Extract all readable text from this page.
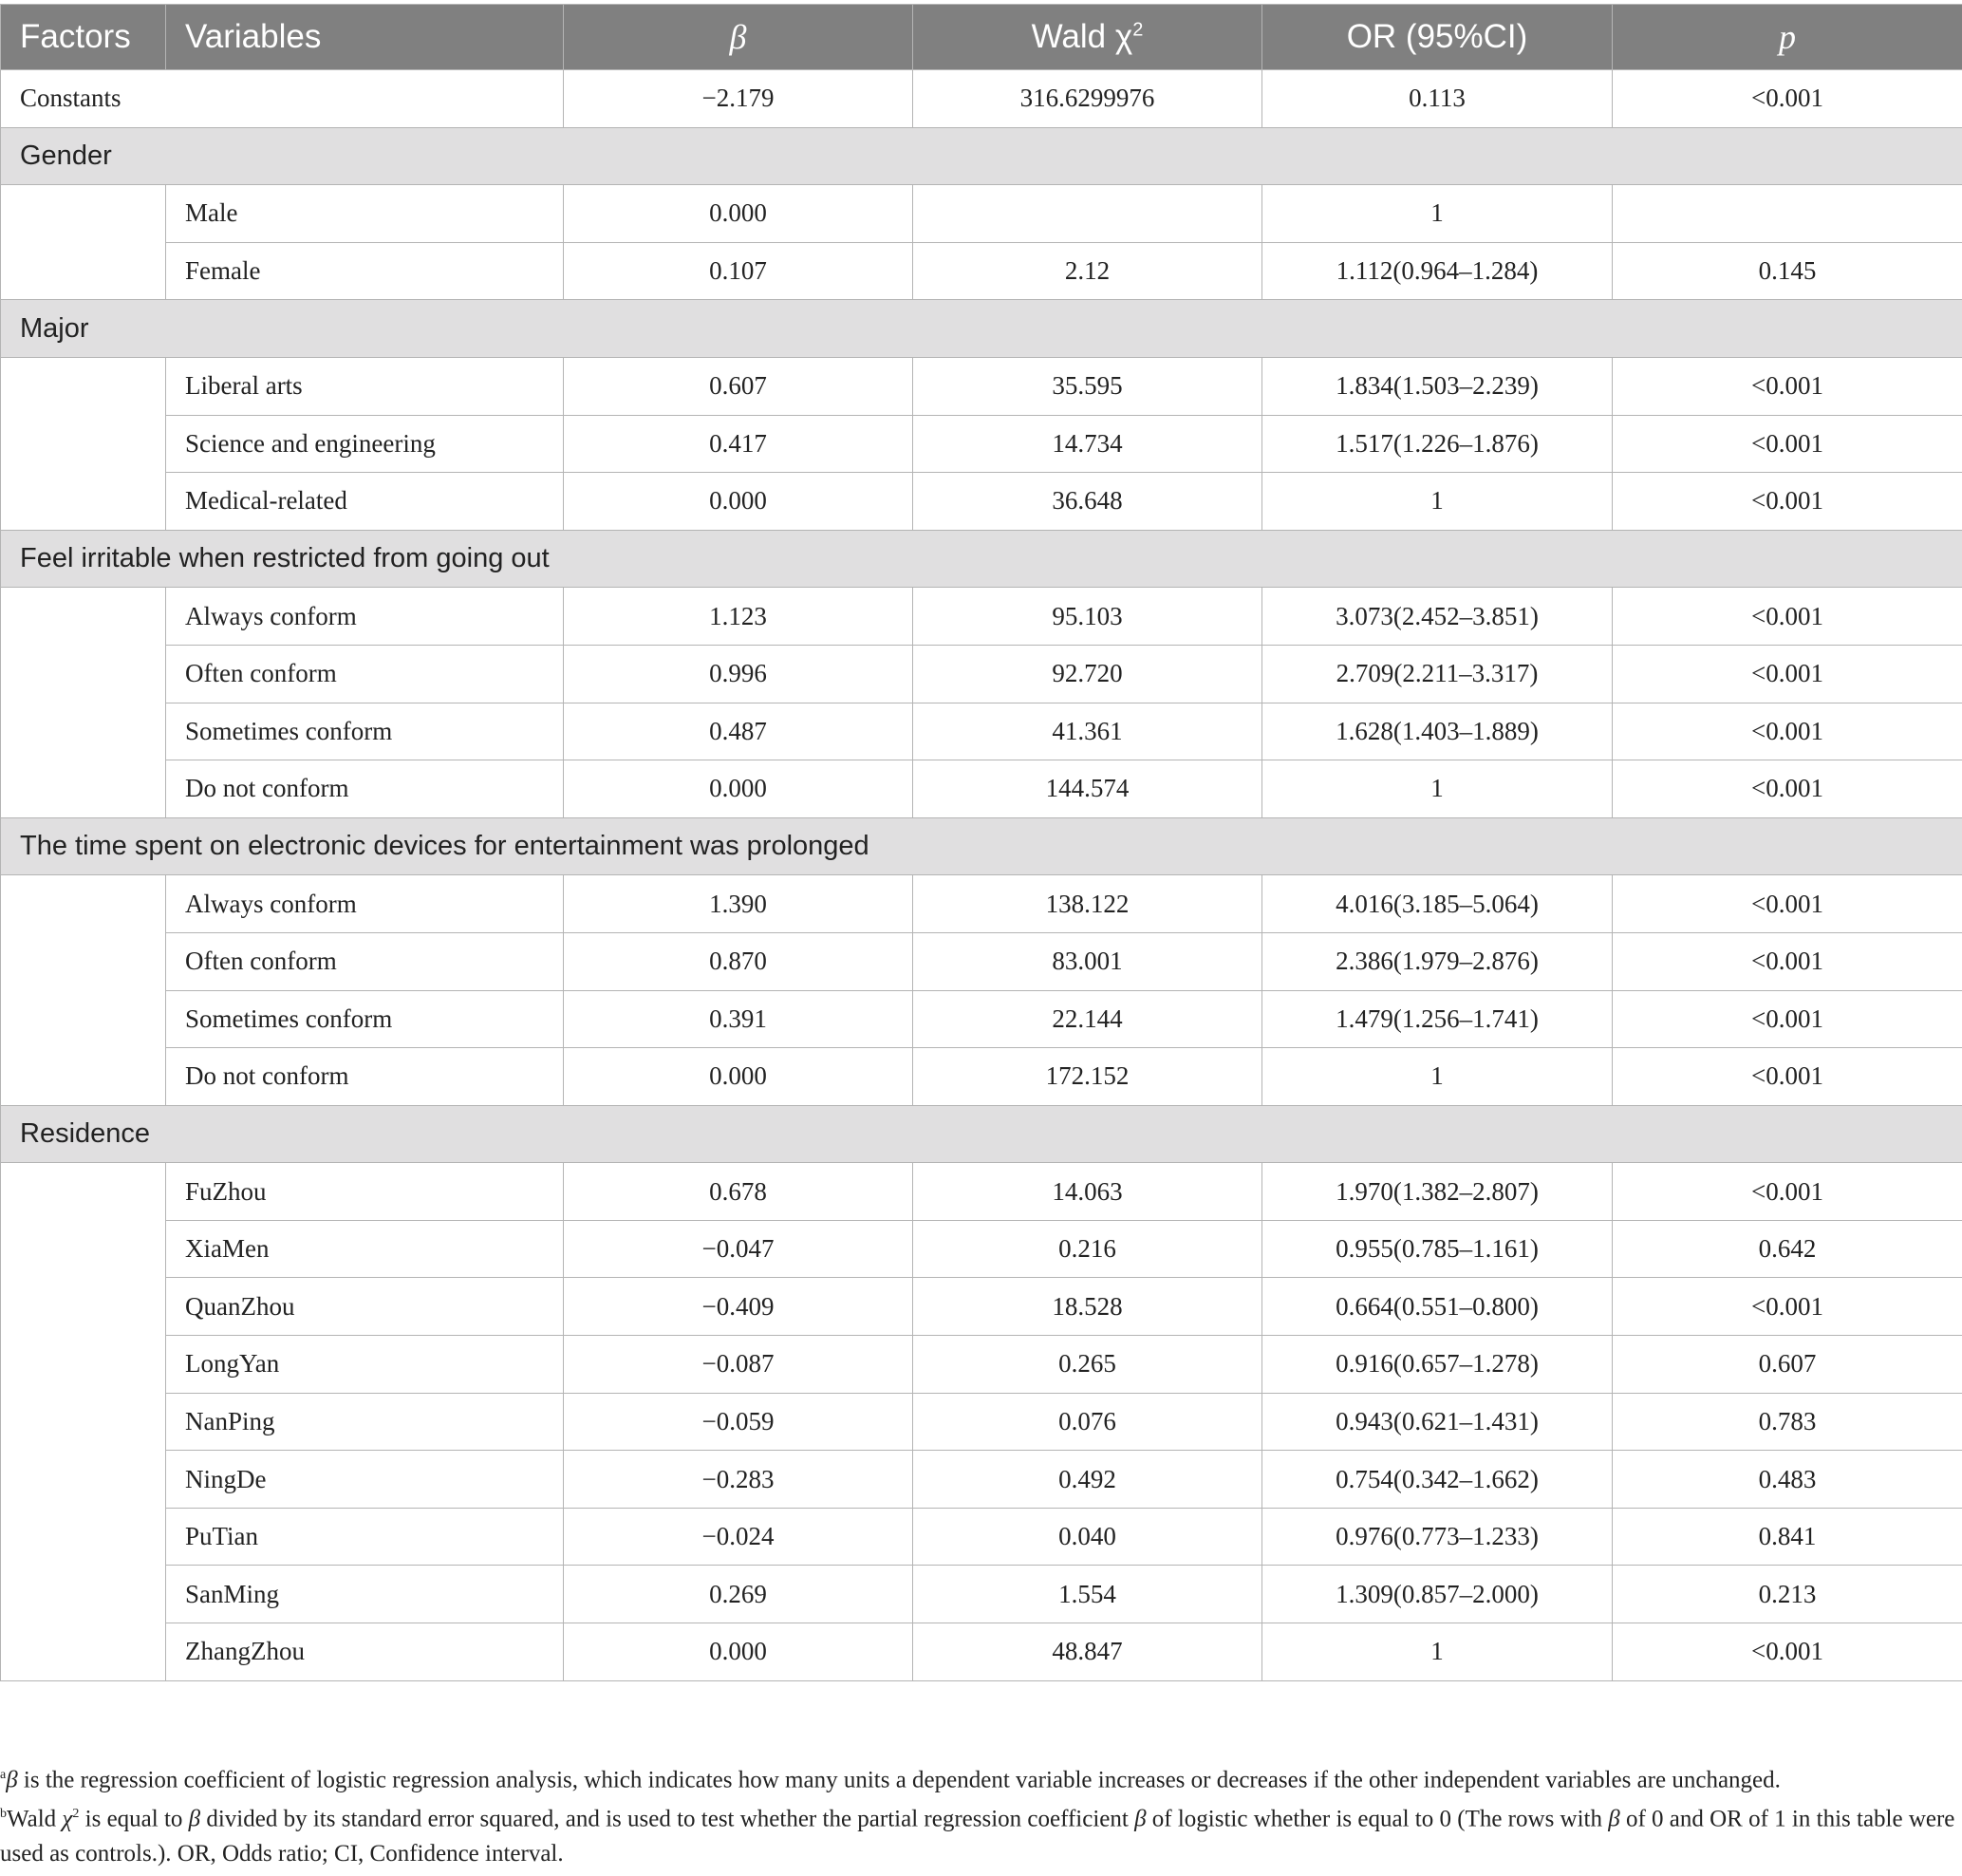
Factors	Variables	β	Wald $\chi^2$	OR (95%CI)	p
Constants		−2.179	316.6299976	0.113	<0.001
Gender					
	Male	0.000		1	
	Female	0.107	2.12	1.112(0.964–1.284)	0.145
Major					
	Liberal arts	0.607	35.595	1.834(1.503–2.239)	<0.001
	Science and engineering	0.417	14.734	1.517(1.226–1.876)	<0.001
	Medical-related	0.000	36.648	1	<0.001
Feel irritable when restricted from going out					
	Always conform	1.123	95.103	3.073(2.452–3.851)	<0.001
	Often conform	0.996	92.720	2.709(2.211–3.317)	<0.001
	Sometimes conform	0.487	41.361	1.628(1.403–1.889)	<0.001
	Do not conform	0.000	144.574	1	<0.001
The time spent on electronic devices for entertainment was prolonged					
	Always conform	1.390	138.122	4.016(3.185–5.064)	<0.001
	Often conform	0.870	83.001	2.386(1.979–2.876)	<0.001
	Sometimes conform	0.391	22.144	1.479(1.256–1.741)	<0.001
	Do not conform	0.000	172.152	1	<0.001
Residence					
	FuZhou	0.678	14.063	1.970(1.382–2.807)	<0.001
	XiaMen	−0.047	0.216	0.955(0.785–1.161)	0.642
	QuanZhou	−0.409	18.528	0.664(0.551–0.800)	<0.001
	LongYan	−0.087	0.265	0.916(0.657–1.278)	0.607
	NanPing	−0.059	0.076	0.943(0.621–1.431)	0.783
	NingDe	−0.283	0.492	0.754(0.342–1.662)	0.483
	PuTian	−0.024	0.040	0.976(0.773–1.233)	0.841
	SanMing	0.269	1.554	1.309(0.857–2.000)	0.213
	ZhangZhou	0.000	48.847	1	<0.001

$^a$β is the regression coefficient of logistic regression analysis, which indicates how many units a dependent variable increases or decreases if the other independent variables are unchanged.

$^b$Wald $\chi^2$ is equal to β divided by its standard error squared, and is used to test whether the partial regression coefficient β of logistic whether is equal to 0 (The rows with β of 0 and OR of 1 in this table were used as controls.). OR, Odds ratio; CI, Confidence interval.
